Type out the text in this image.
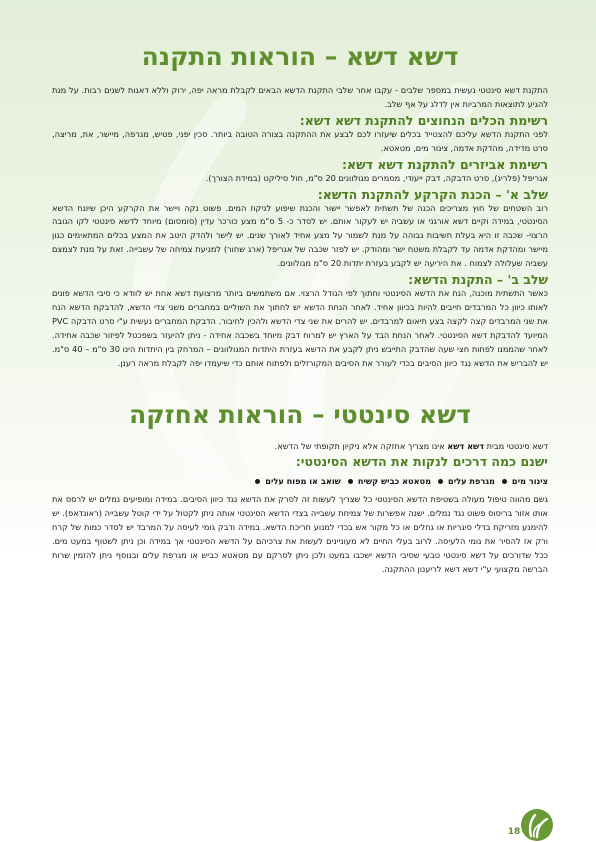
דשא דשא – הוראות התקנה

התקנת דשא סינטטי נעשית במספר שלבים - עקבו אחר שלבי התקנת הדשא הבאים לקבלת מראה יפה, ירוק וללא דאגות לשנים רבות. על מנת להגיע לתוצאות המרביות אין לדלג על אף שלב.

רשימת הכלים הנחוצים להתקנת דשא דשא:

לפני התקנת הדשא עליכם להצטייד בכלים שיעזרו לכם לבצע את ההתקנה בצורה הטובה ביותר. סכין יפני, פטיש, מגרפה, מיישר, את, מריצה, סרט מדידה, מהדקת אדמה, צינור מים, מטאטא.

רשימת אביזרים להתקנת דשא דשא:

אגריפל (פלריג), סרט הדבקה, דבק ייעודי, מסמרים מגולוונים 20 ס"מ, חול סיליקט (במידת הצורך).

שלב א' – הכנת הקרקע להתקנת הדשא:

רוב השטחים של חוץ מצריכים הכנה של תשתית לאפשר יישור והכנת שיפוע לניקוז המים. פשוט נקה ויישר את הקרקע היכן שיונח הדשא הסינטטי, במידה וקיים דשא אורגני או עשביה יש לעקור אותם. יש לסדר כ- 5 ס"מ מצע כורכר עדין (סומסום) מיוחד לדשא סינטטי לקו הגובה הרצוי- שכבה זו היא בעלת חשיבות גבוהה על מנת לשמור על מצע אחיד לאורך שנים. יש לישר ולהדק היטב את המצע בכלים המתאימים כגון מיישר ומהדקת אדמה עד לקבלת משטח ישר ומהודק. יש לפזר שכבה של אגריפל (ארג שחור) למניעת צמיחה של עשבייה. זאת על מנת לצמצם עשביה שעלולה לצמוח . את היריעה יש לקבע בעזרת יתדות 20 ס"מ מגולוונים.

שלב ב' – התקנת הדשא:

כאשר התשתית מוכנה, הנח את הדשא הסינטטי וחתוך לפי הגודל הרצוי. אם משתמשים ביותר מרצועת דשא אחת יש לוודא כי סיבי הדשא פונים לאותו כיוון כל המרבדים חייבים להיות בכיוון אחיד. לאחר הנחת הדשא יש לחתוך את השוליים במחברים משני צדי הדשא, להדבקת הדשא הנח את שני המרבדים קצה לקצה בצע תיאום למרבדים. יש להרים את שני צדי הדשא ולהכין לחיבור. הדבקת המחברים נעשית ע"י סרט הדבקה PVC המיועד להדבקת דשא הסינטטי. לאחר הנחת הבד על הארץ יש למרוח דבק מיוחד בשכבה אחידה - ניתן להיעזר בשפכטל לפיזור שכבה אחידה. לאחר שהממנו לפחות חצי שעה שהדבק התייבש ניתן לקבע את הדשא בעזרת היתדות המגולוונים – המרחק בין היתדות הינו 30 ס"מ – 40 ס"מ. יש להבריש את הדשא נגד כיוון הסיבים בכדי לעורר את הסיבים המקורזלים ולפתוח אותם כדי שיעמדו יפה לקבלת מראה רענן.

דשא סינטטי – הוראות אחזקה

דשא סינטטי מבית דשא דשא אינו מצריך אחזקה אלא ניקיון תקופתי של הדשא.

ישנם כמה דרכים לנקות את הדשא הסינטטי:
צינור מים
מגרפת עלים
מטאטא כביש קשיח
שואב או מפוח עלים

גשם מהווה טיפול מעולה בשטיפת הדשא הסינטטי כל שצריך לעשות זה לסרק את הדשא נגד כיוון הסיבים. במידה ומופיעים נמלים יש לרסס את אותו אזור בריסוס פשוט נגד נמלים. ישנה אפשרות של צמיחת עשבייה בצדי הדשא הסינטטי אותה ניתן לקטול על ידי קוטל עשבייה (ראונדאפ). יש להימנע מזריקת בדלי סיגריות או גחלים או כל מקור אש בכדי למנוע חריכת הדשא. במידה ודבק גומי לעיסה על המרבד יש לסדר כמות של קרח ורק אז להסיר את גומי הלעיסה. לרוב בעלי החיים לא מעוניינים לעשות את צרכיהם על הדשא הסינטטי אך במידה וכן ניתן לשטוף במעט מים. ככל שדורכים על דשא סינטטי טבעי שסיבי הדשא ישכבו במעט ולכן ניתן לסרקם עם מטאטא כביש או מגרפת עלים ובנוסף ניתן להזמין שרות הברשה מקצועי ע"י דשא דשא לריענון ההתקנה.

18
